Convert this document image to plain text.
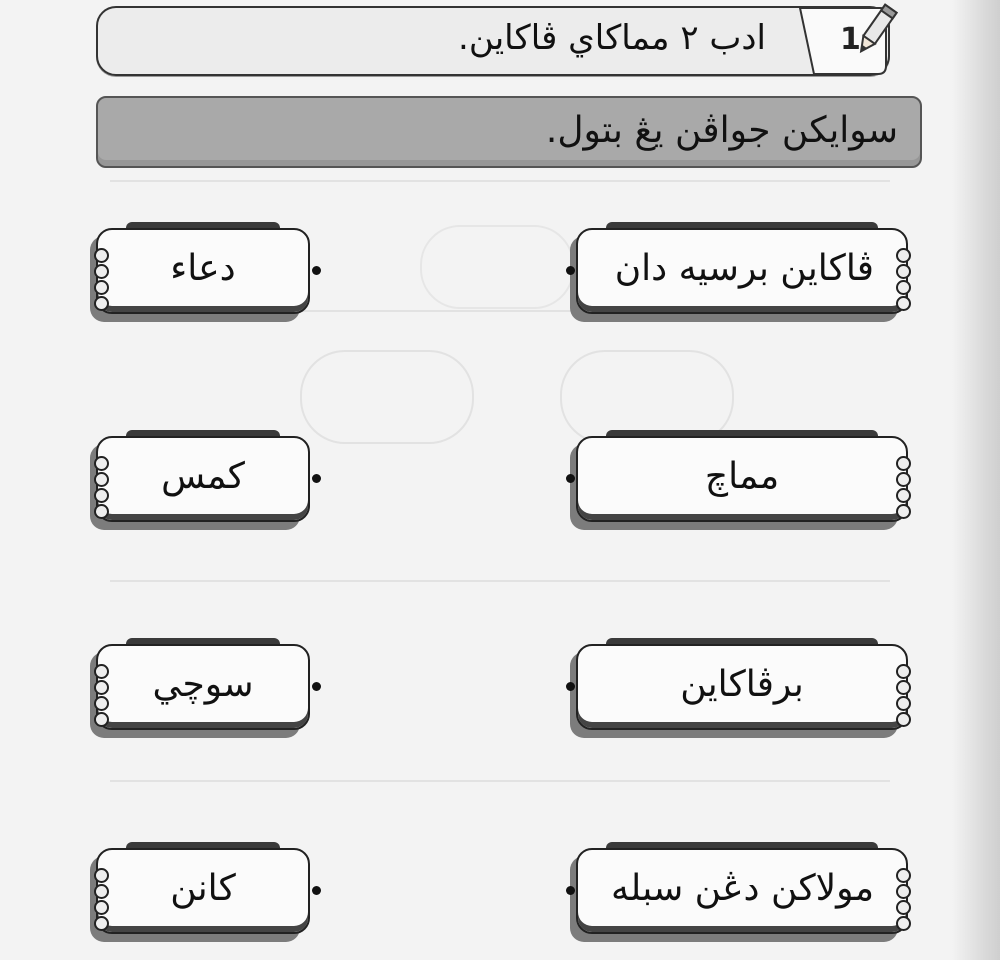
ادب ٢ مماكاي ڤاكاين. 1
سوايكن جواڤن يڠ بتول.
دعاء	ڤاكاين برسيه دان
كمس	مماچ
سوچي	برڤاكاين
كانن	مولاكن دڠن سبله
